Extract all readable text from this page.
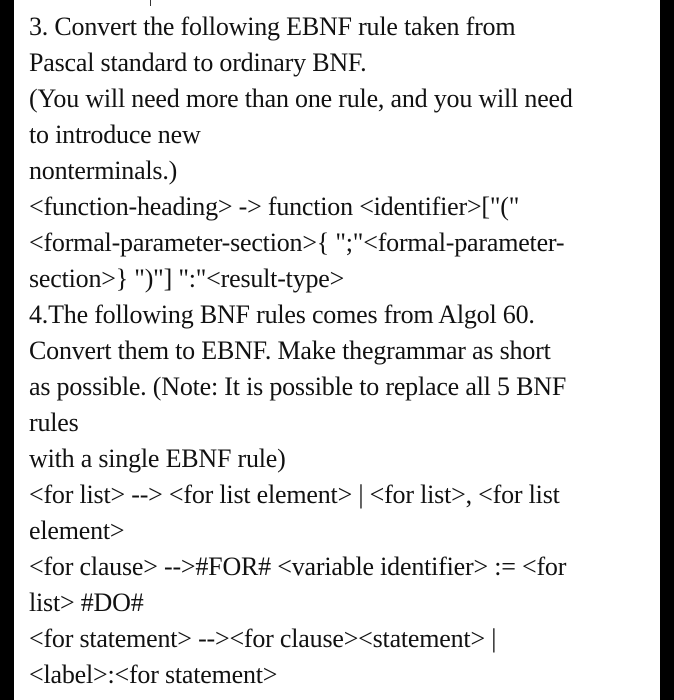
3. Convert the following EBNF rule taken from
Pascal standard to ordinary BNF.
(You will need more than one rule, and you will need
to introduce new
nonterminals.)
<function-heading> -> function <identifier>["("
<formal-parameter-section>{ ";"<formal-parameter-
section>} ")"] ":"<result-type>
4.The following BNF rules comes from Algol 60.
Convert them to EBNF. Make thegrammar as short
as possible. (Note: It is possible to replace all 5 BNF
rules
with a single EBNF rule)
<for list> --> <for list element> | <for list>, <for list
element>
<for clause> -->#FOR# <variable identifier> := <for
list> #DO#
<for statement> --><for clause><statement> |
<label>:<for statement>
